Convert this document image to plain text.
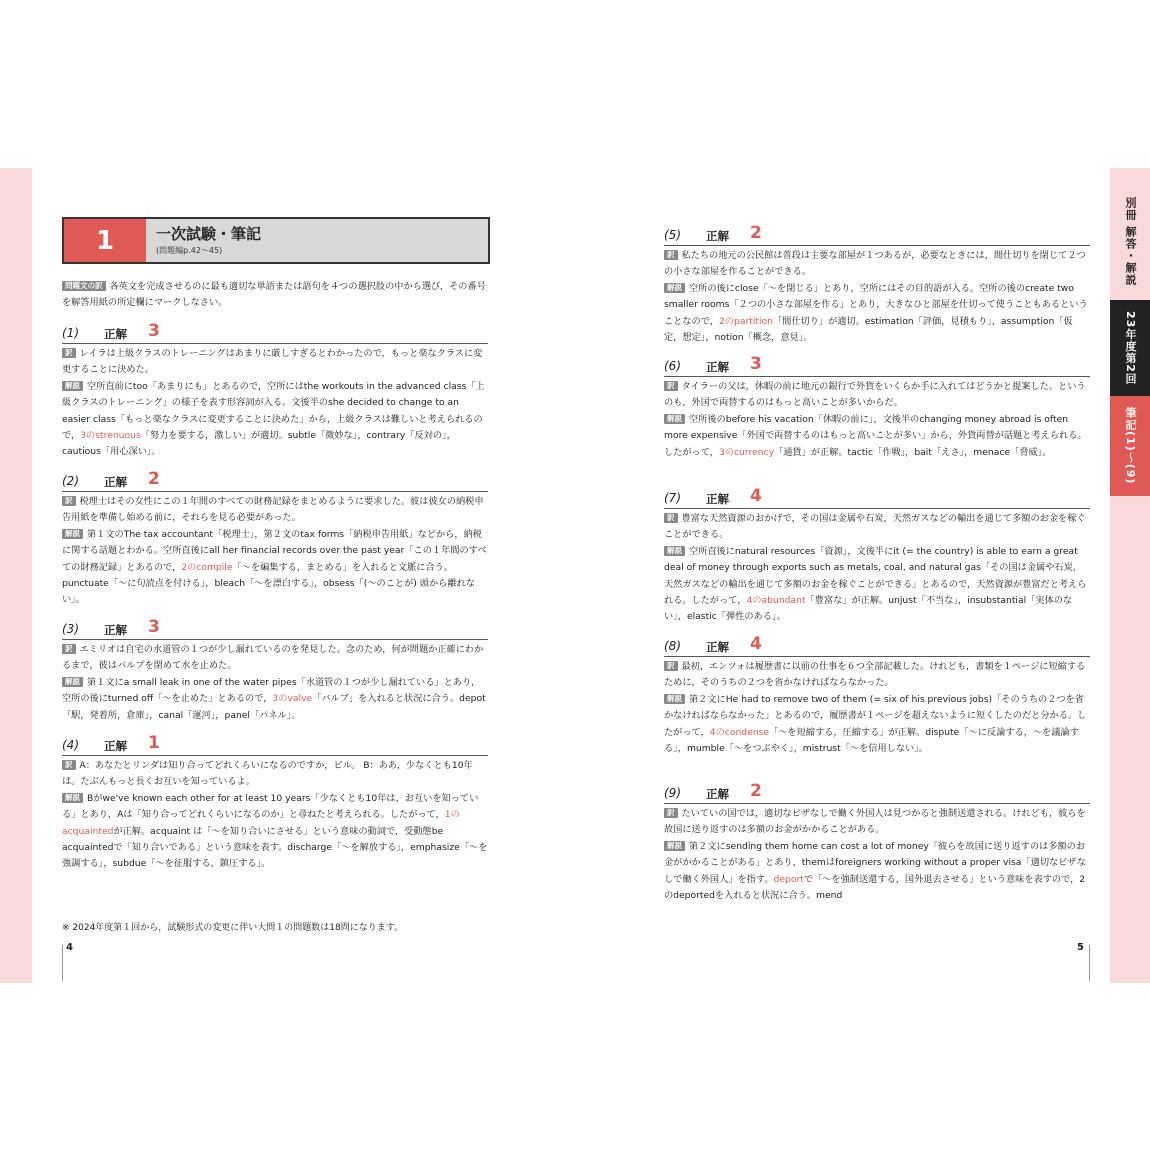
別冊 解答・解説
23年度第2回
筆記(1)〜(9)
1	一次試験・筆記
(問題編p.42〜45)
問題文の訳 各英文を完成させるのに最も適切な単語または語句を４つの選択肢の中から選び，その番号を解答用紙の所定欄にマークしなさい。
(1) 正解 3

訳 レイラは上級クラスのトレーニングはあまりに厳しすぎるとわかったので，もっと楽なクラスに変更することに決めた。

解説 空所直前にtoo「あまりにも」とあるので，空所にはthe workouts in the advanced class「上級クラスのトレーニング」の様子を表す形容詞が入る。文後半のshe decided to change to an easier class「もっと楽なクラスに変更することに決めた」から，上級クラスは難しいと考えられるので，3のstrenuous「努力を要する，激しい」が適切。subtle「微妙な」，contrary「反対の」，cautious「用心深い」。

(2) 正解 2

訳 税理士はその女性にこの１年間のすべての財務記録をまとめるように要求した。彼は彼女の納税申告用紙を準備し始める前に，それらを見る必要があった。

解説 第１文のThe tax accountant「税理士」，第２文のtax forms「納税申告用紙」などから，納税に関する話題とわかる。空所直後にall her financial records over the past year「この１年間のすべての財務記録」とあるので，2のcompile「〜を編集する，まとめる」を入れると文脈に合う。punctuate「〜に句読点を付ける」，bleach「〜を漂白する」，obsess「(〜のことが) 頭から離れない」。

(3) 正解 3

訳 エミリオは自宅の水道管の１つが少し漏れているのを発見した。念のため，何が問題か正確にわかるまで，彼はバルブを閉めて水を止めた。

解説 第１文にa small leak in one of the water pipes「水道管の１つが少し漏れている」とあり，空所の後にturned off「〜を止めた」とあるので，3のvalve「バルブ」を入れると状況に合う。depot「駅，発着所，倉庫」，canal「運河」，panel「パネル」。

(4) 正解 1

訳 A：あなたとリンダは知り合ってどれくらいになるのですか，ビル。 B：ああ，少なくとも10年は。たぶんもっと長くお互いを知っているよ。

解説 Bがwe've known each other for at least 10 years「少なくとも10年は，お互いを知っている」とあり，Aは「知り合ってどれくらいになるのか」と尋ねたと考えられる。したがって，1のacquaintedが正解。acquaint は「〜を知り合いにさせる」という意味の動詞で，受動態be acquaintedで「知り合いである」という意味を表す。discharge「〜を解放する」，emphasize「〜を強調する」，subdue「〜を征服する，鎮圧する」。

※ 2024年度第１回から，試験形式の変更に伴い大問１の問題数は18問になります。
4
(5) 正解 2

訳 私たちの地元の公民館は普段は主要な部屋が１つあるが，必要なときには，間仕切りを閉じて２つの小さな部屋を作ることができる。

解説 空所の後にclose「〜を閉じる」とあり，空所にはその目的語が入る。空所の後のcreate two smaller rooms「２つの小さな部屋を作る」とあり，大きなひと部屋を仕切って使うこともあるということなので，2のpartition「間仕切り」が適切。estimation「評価，見積もり」，assumption「仮定，想定」，notion「概念，意見」。

(6) 正解 3

訳 タイラーの父は，休暇の前に地元の銀行で外貨をいくらか手に入れてはどうかと提案した。というのも，外国で両替するのはもっと高いことが多いからだ。

解説 空所後のbefore his vacation「休暇の前に」，文後半のchanging money abroad is often more expensive「外国で両替するのはもっと高いことが多い」から，外貨両替が話題と考えられる。したがって，3のcurrency「通貨」が正解。tactic「作戦」，bait「えさ」，menace「脅威」。

(7) 正解 4

訳 豊富な天然資源のおかげで，その国は金属や石炭，天然ガスなどの輸出を通じて多額のお金を稼ぐことができる。

解説 空所直後にnatural resources「資源」，文後半にit (= the country) is able to earn a great deal of money through exports such as metals, coal, and natural gas「その国は金属や石炭，天然ガスなどの輸出を通じて多額のお金を稼ぐことができる」とあるので，天然資源が豊富だと考えられる。したがって，4のabundant「豊富な」が正解。unjust「不当な」，insubstantial「実体のない」，elastic「弾性のある」。

(8) 正解 4

訳 最初，エンツォは履歴書に以前の仕事を６つ全部記載した。けれども，書類を１ページに短縮するために，そのうちの２つを省かなければならなかった。

解説 第２文にHe had to remove two of them (= six of his previous jobs)「そのうちの２つを省かなければならなかった」とあるので，履歴書が１ページを超えないように短くしたのだと分かる。したがって，4のcondense「〜を短縮する，圧縮する」が正解。dispute「〜に反論する，〜を議論する」，mumble「〜をつぶやく」，mistrust「〜を信用しない」。

(9) 正解 2

訳 たいていの国では，適切なビザなしで働く外国人は見つかると強制送還される。けれども，彼らを故国に送り返すのは多額のお金がかかることがある。

解説 第２文にsending them home can cost a lot of money「彼らを故国に送り返すのは多額のお金がかかることがある」とあり，themはforeigners working without a proper visa「適切なビザなしで働く外国人」を指す。deportで「〜を強制送還する，国外退去させる」という意味を表すので，2のdeportedを入れると状況に合う。mend

5
